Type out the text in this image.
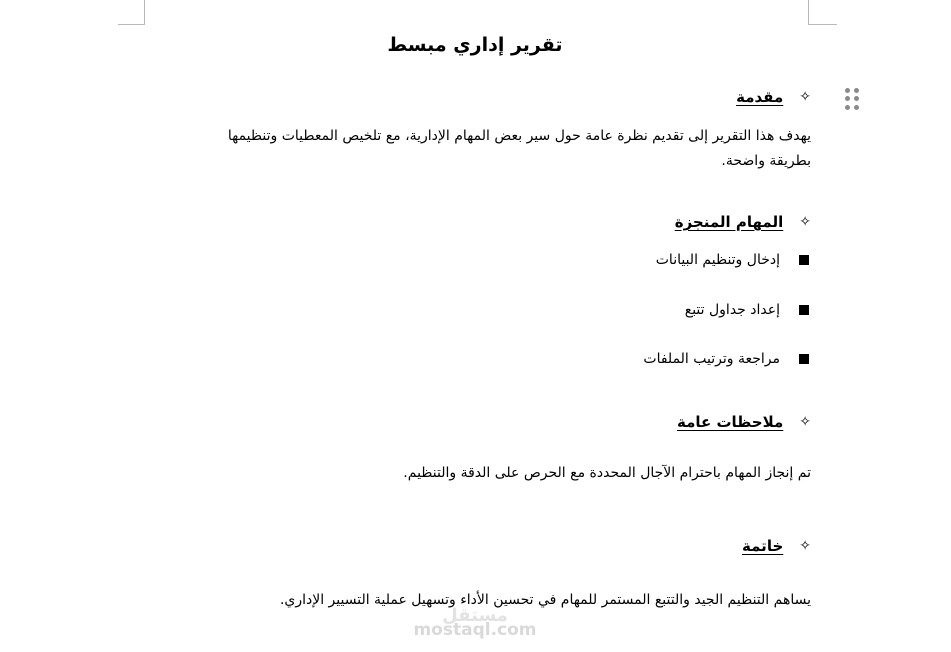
تقرير إداري مبسط
✧
مقدمة
يهدف هذا التقرير إلى تقديم نظرة عامة حول سير بعض المهام الإدارية، مع تلخيص المعطيات وتنظيمها بطريقة واضحة.
✧
المهام المنجزة
إدخال وتنظيم البيانات
إعداد جداول تتبع
مراجعة وترتيب الملفات
✧
ملاحظات عامة
تم إنجاز المهام باحترام الآجال المحددة مع الحرص على الدقة والتنظيم.
✧
خاتمة
يساهم التنظيم الجيد والتتبع المستمر للمهام في تحسين الأداء وتسهيل عملية التسيير الإداري.
مستقل
mostaql.com
